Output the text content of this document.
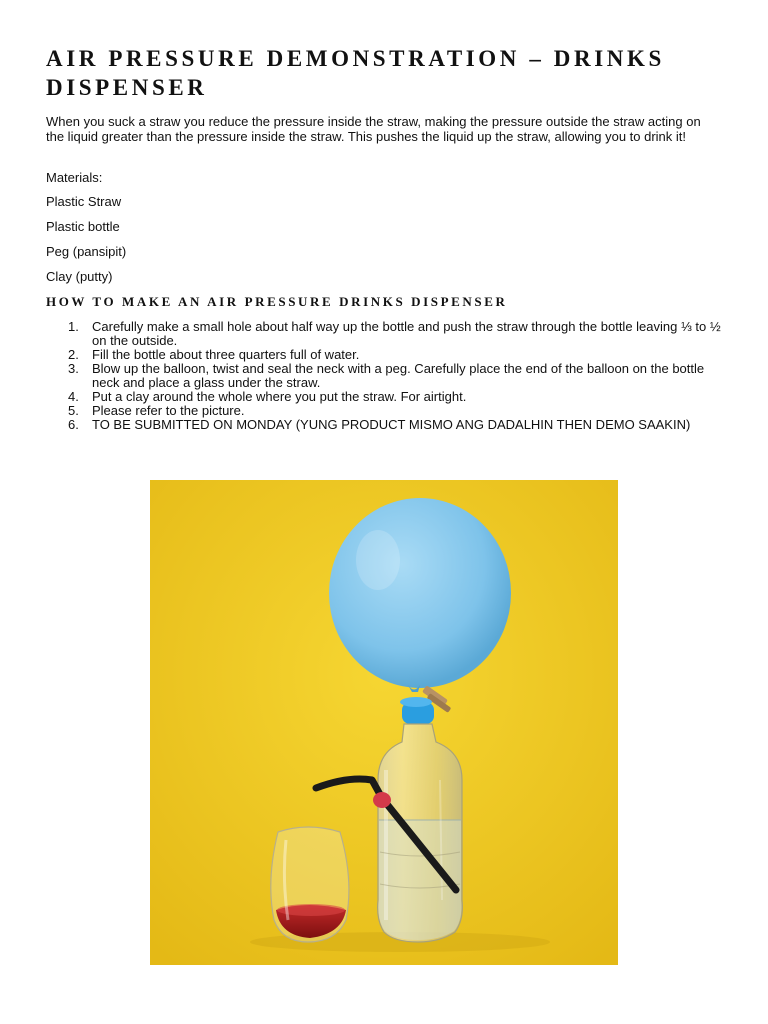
AIR PRESSURE DEMONSTRATION – DRINKS DISPENSER

When you suck a straw you reduce the pressure inside the straw, making the pressure outside the straw acting on the liquid greater than the pressure inside the straw. This pushes the liquid up the straw, allowing you to drink it!

Materials:

Plastic Straw

Plastic bottle

Peg (pansipit)

Clay (putty)

HOW TO MAKE AN AIR PRESSURE DRINKS DISPENSER
1. Carefully make a small hole about half way up the bottle and push the straw through the bottle leaving ⅓ to ½ on the outside.
2. Fill the bottle about three quarters full of water.
3. Blow up the balloon, twist and seal the neck with a peg. Carefully place the end of the balloon on the bottle neck and place a glass under the straw.
4. Put a clay around the whole where you put the straw. For airtight.
5. Please refer to the picture.
6. TO BE SUBMITTED ON MONDAY (YUNG PRODUCT MISMO ANG DADALHIN THEN DEMO SAAKIN)
